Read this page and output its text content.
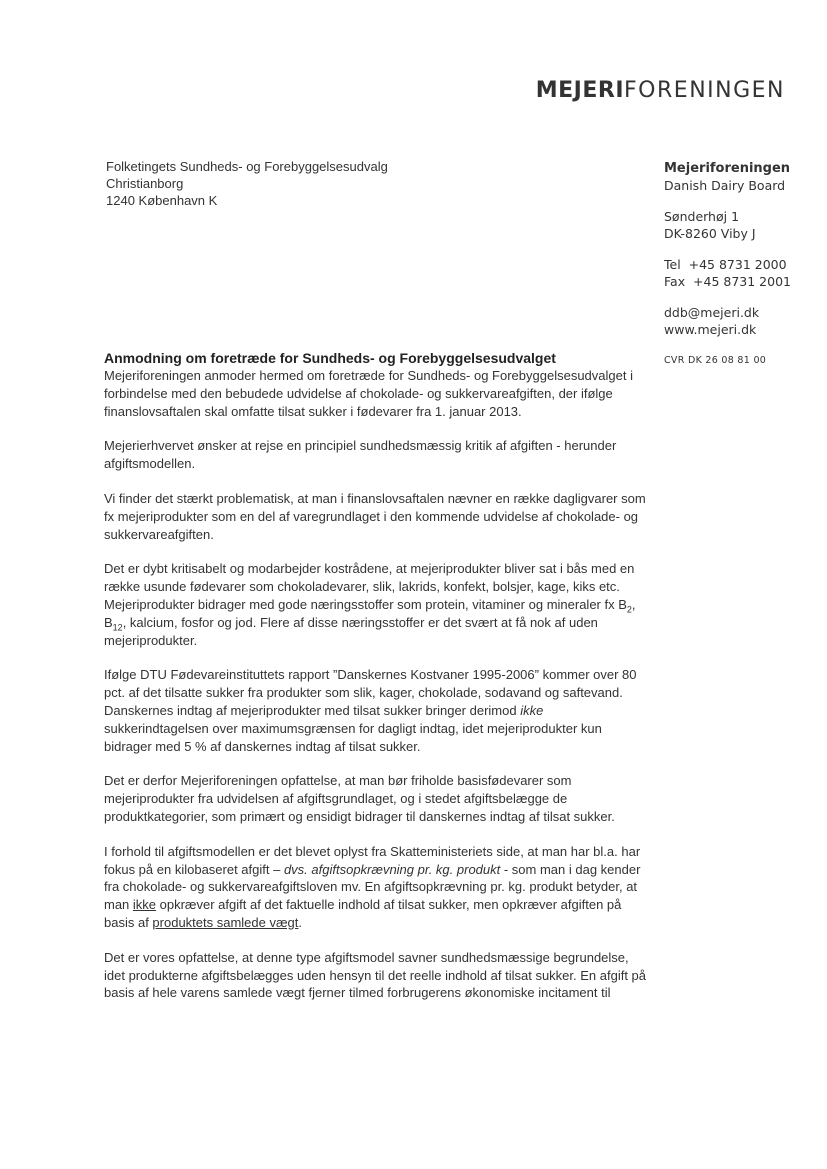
MEJERIFORENINGEN
Folketingets Sundheds- og Forebyggelsesudvalg
Christianborg
1240 København K
Mejeriforeningen
Danish Dairy Board
Sønderhøj 1
DK-8260 Viby J
Tel  +45 8731 2000
Fax  +45 8731 2001
ddb@mejeri.dk
www.mejeri.dk
CVR DK 26 08 81 00
Anmodning om foretræde for Sundheds- og Forebyggelsesudvalget

Mejeriforeningen anmoder hermed om foretræde for Sundheds- og Forebyggelsesudvalget i forbindelse med den bebudede udvidelse af chokolade- og sukkervareafgiften, der ifølge finanslovsaftalen skal omfatte tilsat sukker i fødevarer fra 1. januar 2013.

Mejerierhvervet ønsker at rejse en principiel sundhedsmæssig kritik af afgiften - herunder afgiftsmodellen.

Vi finder det stærkt problematisk, at man i finanslovsaftalen nævner en række dagligvarer som fx mejeriprodukter som en del af varegrundlaget i den kommende udvidelse af chokolade- og sukkervareafgiften.

Det er dybt kritisabelt og modarbejder kostrådene, at mejeriprodukter bliver sat i bås med en række usunde fødevarer som chokoladevarer, slik, lakrids, konfekt, bolsjer, kage, kiks etc. Mejeriprodukter bidrager med gode næringsstoffer som protein, vitaminer og mineraler fx $B_2$, $B_{12}$, kalcium, fosfor og jod. Flere af disse næringsstoffer er det svært at få nok af uden mejeriprodukter.

Ifølge DTU Fødevareinstituttets rapport ”Danskernes Kostvaner 1995-2006” kommer over 80 pct. af det tilsatte sukker fra produkter som slik, kager, chokolade, sodavand og saftevand. Danskernes indtag af mejeriprodukter med tilsat sukker bringer derimod ikke sukkerindtagelsen over maximumsgrænsen for dagligt indtag, idet mejeriprodukter kun bidrager med 5 % af danskernes indtag af tilsat sukker.

Det er derfor Mejeriforeningen opfattelse, at man bør friholde basisfødevarer som mejeriprodukter fra udvidelsen af afgiftsgrundlaget, og i stedet afgiftsbelægge de produktkategorier, som primært og ensidigt bidrager til danskernes indtag af tilsat sukker.

I forhold til afgiftsmodellen er det blevet oplyst fra Skatteministeriets side, at man har bl.a. har fokus på en kilobaseret afgift – dvs. afgiftsopkrævning pr. kg. produkt - som man i dag kender fra chokolade- og sukkervareafgiftsloven mv. En afgiftsopkrævning pr. kg. produkt betyder, at man ikke opkræver afgift af det faktuelle indhold af tilsat sukker, men opkræver afgiften på basis af produktets samlede vægt.

Det er vores opfattelse, at denne type afgiftsmodel savner sundhedsmæssige begrundelse, idet produkterne afgiftsbelægges uden hensyn til det reelle indhold af tilsat sukker. En afgift på basis af hele varens samlede vægt fjerner tilmed forbrugerens økonomiske incitament til
